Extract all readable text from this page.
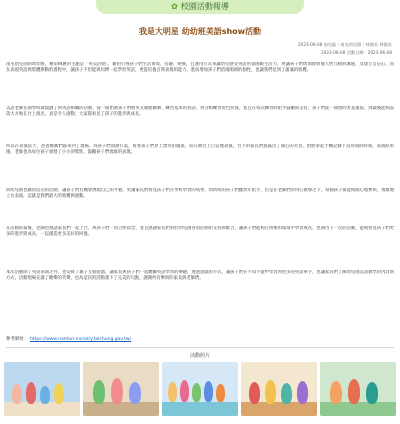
✿ 校園活動報導
我是大明星 幼幼班美語show活動
2023-06-08 南屯區｜南屯幼兒園｜林園長 林園長
2023-06-08 活動日期：2023-06-08
南屯幼兒園的幼幼班，精彩絢麗的主題是「英美活動」，藉由引導孩子們生活情境，有趣、變換，且運用方式來讓幼兒感受英語的氛圍跟生活力，更讓孩子們增加會與他人們互動與溝通，及建立自信心，而在表現英語與肢體律動的過程中，讓孩子不但能與同儕一起學習英語，更能培養自我表現的能力，進而增加孩子們活潑開朗的個性，也讓我們見到了滿滿的收穫。
美語老師在開學時就規劃了與英語相關的活動，從一開始教孩子們唱英文歌曲跳舞、練習基本的對話，到分組練習角色扮演，並且在每次練習時給予鼓勵與支持，孩子們從一開始的害羞緊張，到最後能夠落落大方地在台上演出，真是令人感動，大家都看見了孩子的進步與成長。
所以在表演當天，爸爸媽媽們都來到了現場，為孩子們加油打氣，看著孩子們穿上漂亮的服裝，站在舞台上自信地表演，台下的家長們都露出了開心的笑容，紛紛拿起手機記錄下這珍貴的時刻，表演結束後，老師也為每位孩子頒發了小小的獎狀，鼓勵孩子們勇敢的表現。
而幼兒園也藉由這次的活動，讓孩子們有機會展現自己的才藝，更讓家長們看見孩子們在學校學習的成果，幼幼班的孩子們雖然年紀小，但是在老師們的用心教導之下，每個孩子都能夠開心地參與，勇敢地上台表演，這就是我們最大的收穫與感動。
在活動的最後，老師也邀請家長們一起上台，與孩子們一同合照留念，並且感謝家長們對於幼兒園各項活動的支持與配合，讓孩子們能夠在快樂的環境中學習成長，也期待下一次的活動，能夠看見孩子們更多的進步與成長，一起創造更多美好的回憶。
本次活動除了英語表演之外，也安排了親子互動遊戲，讓家長與孩子們一起體驗英語學習的樂趣，透過遊戲的方式，讓孩子們在不知不覺中學習到更多的英語單字，也讓家長們了解幼兒園美語教學的內容與方式，活動現場充滿了歡樂的笑聲，也為這次的活動畫下了完美的句點，謝謝所有參與的家長與老師們。
參考網址： https://www.nantun-nursery.taichung.gov.tw/
活動照片
